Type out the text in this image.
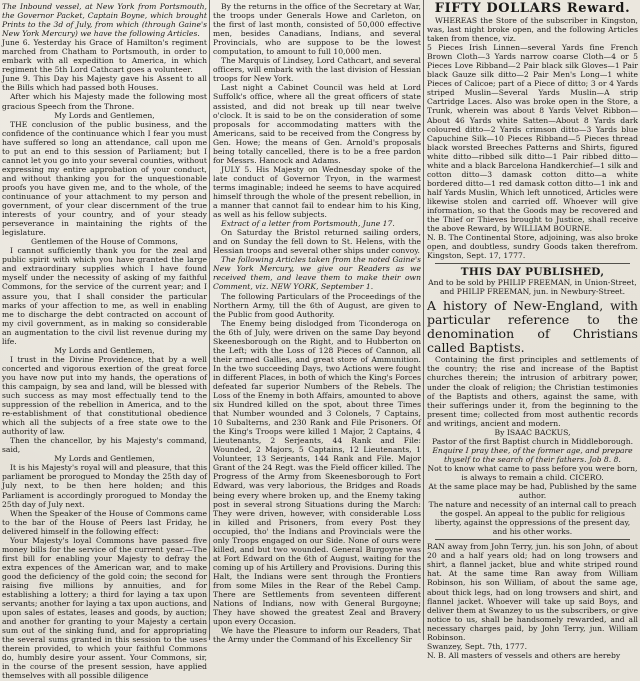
The Inbound vessel, at New York from Portsmouth, the Governor Packet, Captain Boyne, which brought Prints to the 3d of July, from which (through Gaine's New York Mercury) we have the following Articles.

June 6. Yesterday his Grace of Hamilton's regiment marched from Chatham to Portsmouth, in order to embark with all expedition to America, in which regiment the 5th Lord Cathcart goes a volunteer.

June 9. This Day his Majesty gave his Assent to all the Bills which had passed both Houses.

After which his Majesty made the following most gracious Speech from the Throne.

My Lords and Gentlemen,

THE conclusion of the public business, and the confidence of the continuance which I fear you must have suffered so long an attendance, call upon me to put an end to this session of Parliament; but I cannot let you go into your several counties, without expressing my entire approbation of your conduct, and without thanking you for the unquestionable proofs you have given me, and to the whole, of the continuance of your attachment to my person and government, of your clear discernment of the true interests of your country, and of your steady perseverance in maintaining the rights of the legislature.

Gentlemen of the House of Commons,

I cannot sufficiently thank you for the zeal and public spirit with which you have granted the large and extraordinary supplies which I have found myself under the necessity of asking of my faithful Commons, for the service of the current year; and I assure you, that I shall consider the particular marks of your affection to me, as well in enabling me to discharge the debt contracted on account of my civil government, as in making so considerable an augmentation to the civil list revenue during my life.

My Lords and Gentlemen,

I trust in the Divine Providence, that by a well concerted and vigorous exertion of the great force you have now put into my hands, the operations of this campaign, by sea and land, will be blessed with such success as may most effectually tend to the suppression of the rebellion in America, and to the re-establishment of that constitutional obedience which all the subjects of a free state owe to the authority of law.

Then the chancellor, by his Majesty's command, said,

My Lords and Gentlemen,

It is his Majesty's royal will and pleasure, that this parliament be prorogued to Monday the 25th day of July next, to be then here holden; and this Parliament is accordingly prorogued to Monday the 25th day of July next.

When the Speaker of the House of Commons came to the bar of the House of Peers last Friday, he delivered himself in the following effect:

Your Majesty's loyal Commons have passed five money bills for the service of the current year.—The first bill for enabling your Majesty to defray the extra expences of the American war, and to make good the deficiency of the gold coin; the second for raising five millions by annuities, and for establishing a lottery; a third for laying a tax upon servants; another for laying a tax upon auctions, and upon sales of estates, leases and goods, by auction; and another for granting to your Majesty a certain sum out of the sinking fund, and for appropriating the several sums granted in this session to the uses therein provided, to which your faithful Commons do, humbly desire your assent. Your Commons, sir, in the course of the present session, have applied themselves with all possible diligence

By the returns in the office of the Secretary at War, the troops under Generals Howe and Carleton, on the first of last month, consisted of 50,000 effective men, besides Canadians, Indians, and several Provincials, who are suppose to be the lowest computation, to amount to full 10,000 men.

The Marquis of Lindsey, Lord Cathcart, and several officers, will embark with the last division of Hessian troops for New York.

Last night a Cabinet Council was held at Lord Suffolk's office, where all the great officers of state assisted, and did not break up till near twelve o'clock. It is said to be on the consideration of some proposals for accommodating matters with the Americans, said to be received from the Congress by Gen. Howe; the means of Gen. Arnold's proposals being totally cancelled, there is to be a free pardon for Messrs. Hancock and Adams.

JULY 5. His Majesty on Wednesday spoke of the late conduct of Governor Tryon, in the warmest terms imaginable; indeed he seems to have acquired himself through the whole of the present rebellion, in a manner that cannot fail to endear him to his King, as well as his fellow subjects.

Extract of a letter from Portsmouth, June 17.

On Saturday the Bristol returned sailing orders, and on Sunday the fell down to St. Helens, with the Hessian troops and several other ships under convoy.

The following Articles taken from the noted Gaine's New York Mercury, we give our Readers as we received them, and leave them to make their own Comment, viz. NEW YORK, September 1.

The following Particulars of the Proceedings of the Northern Army, till the 6th of August, are given to the Public from good Authority.

The Enemy being dislodged from Ticonderoga on the 6th of July, were driven on the same Day beyond Skeenesborough on the Right, and to Hubberton on the Left; with the Loss of 128 Pieces of Cannon, all their armed Gallies, and great store of Ammunition. In the two succeeding Days, two Actions were fought in different Places, in both of which the King's Forces defeated far superior Numbers of the Rebels. The Loss of the Enemy in both Affairs, amounted to above six Hundred killed on the spot, about three Times that Number wounded and 3 Colonels, 7 Captains, 10 Subalterns, and 230 Rank and File Prisoners. Of the King's Troops were killed 1 Major, 2 Captains, 4 Lieutenants, 2 Serjeants, 44 Rank and File: Wounded, 2 Majors, 5 Captains, 12 Lieutenants, 1 Volunteer, 13 Serjeants, 144 Rank and File. Major Grant of the 24 Regt. was the Field officer killed. The Progress of the Army from Skeenesborough to Fort Edward, was very laborious, the Bridges and Roads being every where broken up, and the Enemy taking post in several strong Situations during the March: They were driven, however, with considerable Loss in killed and Prisoners, from every Post they occupied, tho' the Indians and Provincials were the only Troops engaged on our Side. None of ours were killed, and but two wounded. General Burgoyne was at Fort Edward on the 6th of August, waiting for the coming up of his Artillery and Provisions. During this Halt, the Indians were sent through the Frontiers from some Miles in the Rear of the Rebel Camp. There are Settlements from seventeen different Nations of Indians, now with General Burgoyne; They have showed the greatest Zeal and Bravery upon every Occasion.

We have the Pleasure to inform our Readers, That the Army under the Command of his Excellency Sir

FIFTY DOLLARS Reward.

WHEREAS the Store of the subscriber in Kingston, was, last night broke open, and the following Articles taken from thence, viz.

5 Pieces Irish Linnen—several Yards fine French Brown Cloth—3 Yards narrow coarse Cloth—4 or 5 Pieces Love Ribband—2 Pair black silk Gloves—1 Pair black Gauze silk ditto—2 Pair Men's Long—1 white Pieces of Calicoe; part of a Piece of ditto; 3 or 4 Yards striped Muslin—Several Yards Muslin—A strip Cartridge Laces. Also was broke open in the Store, a Trunk, wherein was about 8 Yards Velvet Ribbon—About 46 Yards white Satten—About 8 Yards dark coloured ditto—2 Yards crimson ditto—3 Yards blue Capuchine Silk—10 Pieces Ribband—5 Pieces thread black worsted Breeches Patterns and Shirts, figured white ditto—ribbed silk ditto—1 Pair ribbed ditto—white and a black Barcelona Handkerchief—1 silk and cotton ditto—3 damask cotton ditto—a white bordered ditto—1 red damask cotton ditto—1 ink and half Yards Muslin, Which left unnoticed, Articles were likewise stolen and carried off. Whoever will give information, so that the Goods may be recovered and the Thief or Thieves brought to Justice, shall receive the above Reward, by WILLIAM BOURNE.

N. B. The Continental Store, adjoining, was also broke open, and doubtless, sundry Goods taken therefrom. Kingston, Sept. 17, 1777.

THIS DAY PUBLISHED,

And to be sold by PHILIP FREEMAN, in Union-Street, and PHILIP FREEMAN, jun. in Newbury-Street.

A history of New-England, with particular reference to the denomination of Christians called Baptists.

Containing the first principles and settlements of the country; the rise and increase of the Baptist churches therein; the intrusion of arbitrary power, under the cloak of religion; the Christian testimonies of the Baptists and others, against the same, with their sufferings under it, from the beginning to the present time; collected from most authentic records and writings, ancient and modern.

By ISAAC BACKUS,

Pastor of the first Baptist church in Middleborough.

Enquire I pray thee, of the former age, and prepare thyself to the search of their fathers. Job 8. 8.

Not to know what came to pass before you were born, is always to remain a child. CICERO.

At the same place may be had, Published by the same author.

The nature and necessity of an internal call to preach the gospel. An appeal to the public for religious liberty, against the oppressions of the present day, and his other works.

RAN away from John Terry, jun. his son John, of about 20 and a half years old; had on long trowsers and shirt, a flannel jacket, blue and white striped round hat. At the same time Ran away from William Robinson, his son William, of about the same age, about thick legs, had on long trowsers and shirt, and flannel jacket. Whoever will take up said Boys, and deliver them at Swanzey to us the subscribers, or give notice to us, shall be handsomely rewarded, and all necessary charges paid, by John Terry, jun. William Robinson.

Swanzey, Sept. 7th, 1777.

N. B. All masters of vessels and others are hereby
